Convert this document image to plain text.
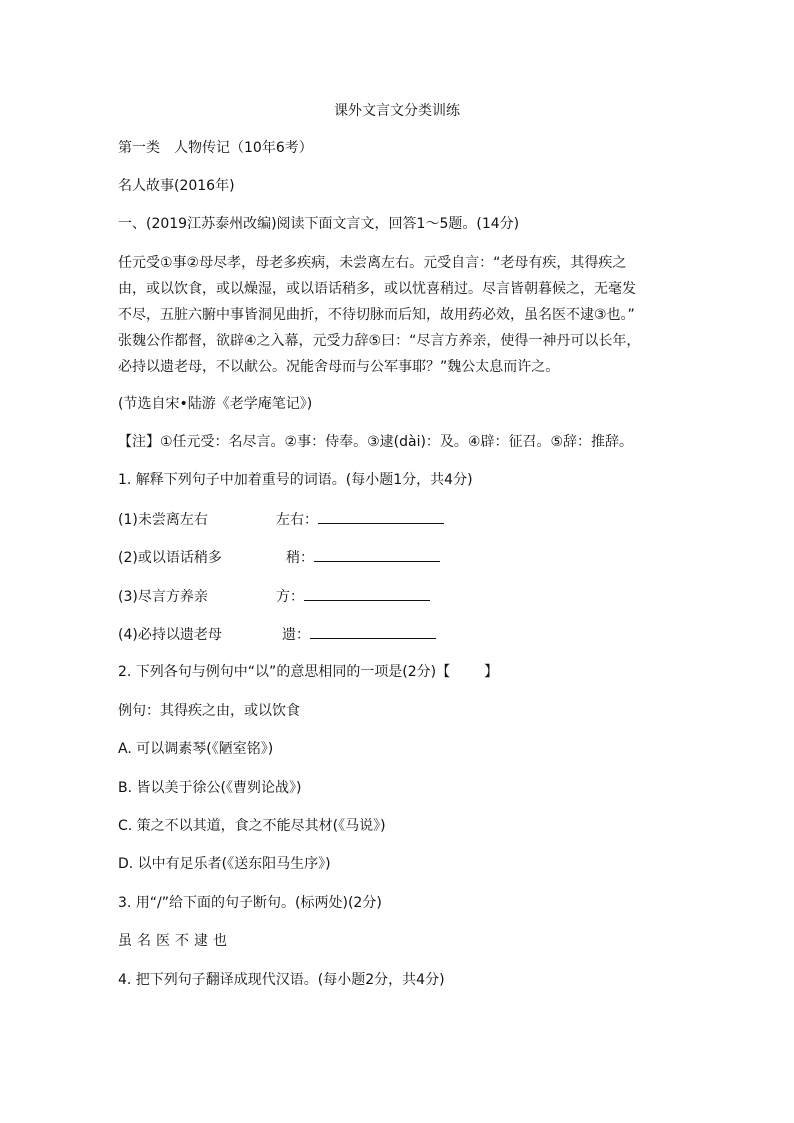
课外文言文分类训练
第一类　人物传记（10年6考）
名人故事(2016年)
一、(2019江苏泰州改编)阅读下面文言文，回答1～5题。(14分)
任元受①事②母尽孝，母老多疾病，未尝离左右。元受自言：“老母有疾，其得疾之
由，或以饮食，或以燥湿，或以语话稍多，或以忧喜稍过。尽言皆朝暮候之，无毫发
不尽，五脏六腑中事皆洞见曲折，不待切脉而后知，故用药必效，虽名医不逮③也。”
张魏公作都督，欲辟④之入幕，元受力辞⑤曰：“尽言方养亲，使得一神丹可以长年，
必持以遗老母，不以献公。况能舍母而与公军事耶？”魏公太息而许之。
(节选自宋•陆游《老学庵笔记》)
【注】①任元受：名尽言。②事：侍奉。③逮(dài)：及。④辟：征召。⑤辞：推辞。
1. 解释下列句子中加着重号的词语。(每小题1分，共4分)
(1)未尝离左右	左右：
(2)或以语话稍多	稍：
(3)尽言方养亲	方：
(4)必持以遗老母	遗：
2. 下列各句与例句中“以”的意思相同的一项是(2分)【 】
例句：其得疾之由，或以饮食
A. 可以调素琴(《陋室铭》)
B. 皆以美于徐公(《曹刿论战》)
C. 策之不以其道，食之不能尽其材(《马说》)
D. 以中有足乐者(《送东阳马生序》)
3. 用“/”给下面的句子断句。(标两处)(2分)
虽名医不逮也
4. 把下列句子翻译成现代汉语。(每小题2分，共4分)
